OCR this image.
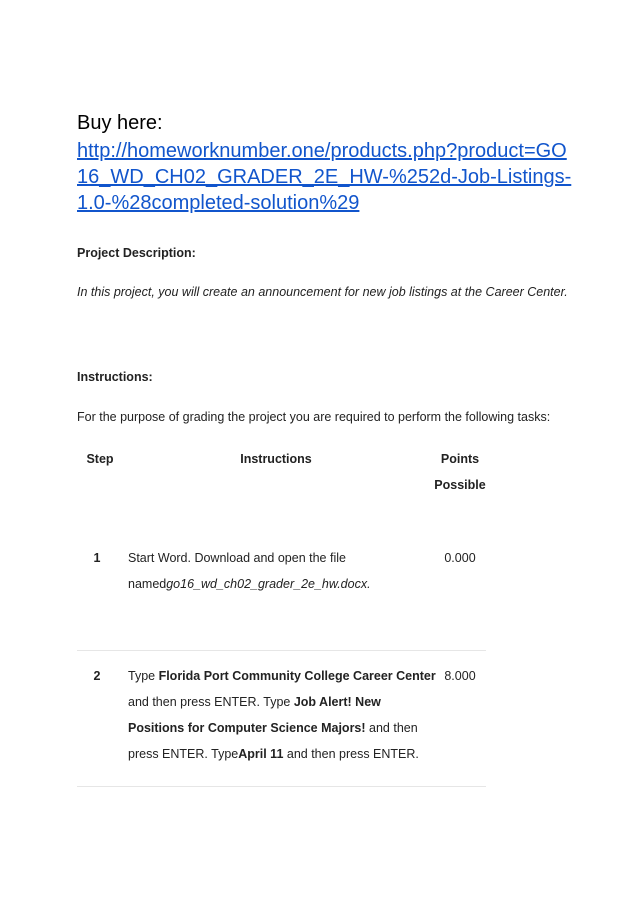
Buy here:
http://homeworknumber.one/products.php?product=GO
16_WD_CH02_GRADER_2E_HW-%252d-Job-Listings-
1.0-%28completed-solution%29
Project Description:
In this project, you will create an announcement for new job listings at the Career Center.
Instructions:
For the purpose of grading the project you are required to perform the following tasks:
Step	Instructions	Points
Possible
1	Start Word. Download and open the file
namedgo16_wd_ch02_grader_2e_hw.docx.
0.000
2	Type Florida Port Community College Career Center
and then press ENTER. Type Job Alert! New
Positions for Computer Science Majors! and then
press ENTER. TypeApril 11 and then press ENTER.
8.000
